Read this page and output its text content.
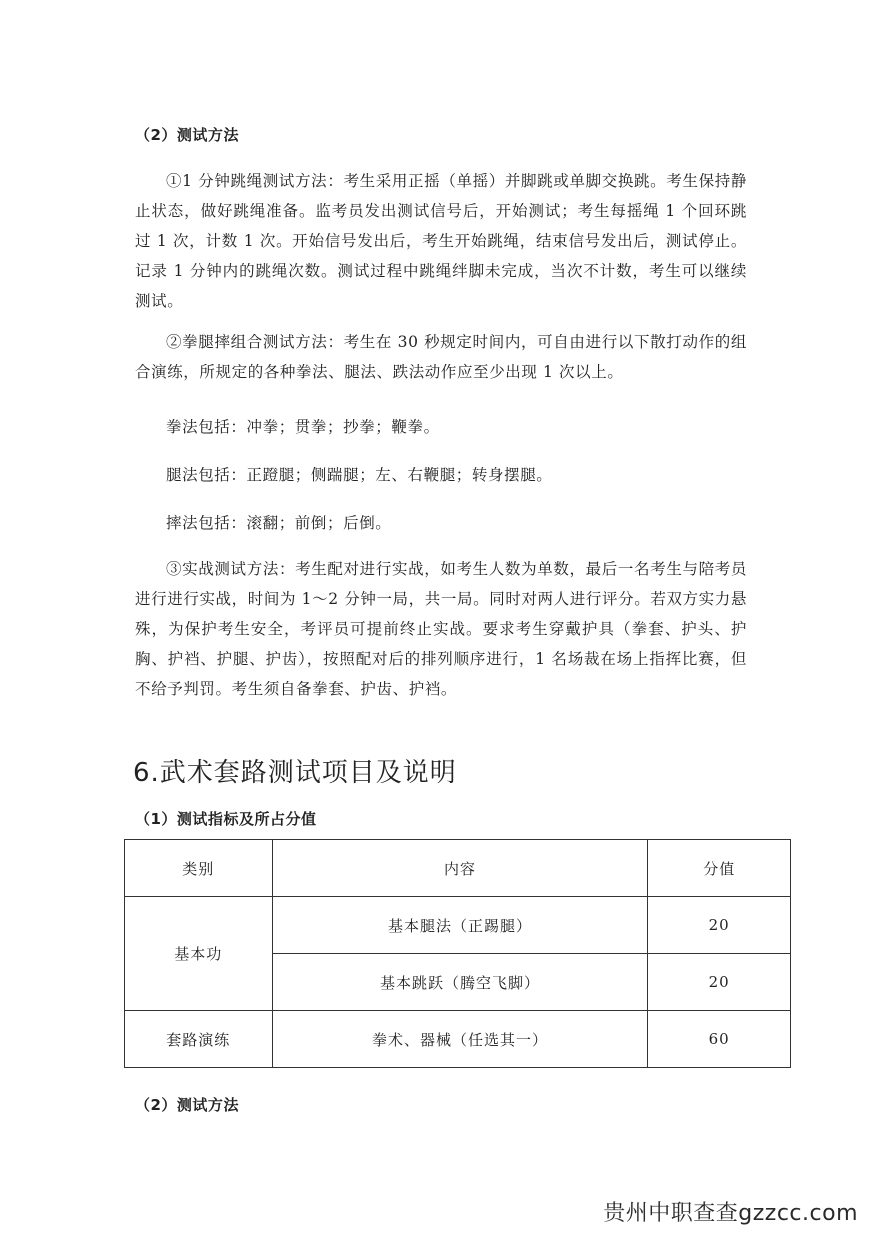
（2）测试方法
①1 分钟跳绳测试方法：考生采用正摇（单摇）并脚跳或单脚交换跳。考生保持静止状态，做好跳绳准备。监考员发出测试信号后，开始测试；考生每摇绳 1 个回环跳过 1 次，计数 1 次。开始信号发出后，考生开始跳绳，结束信号发出后，测试停止。记录 1 分钟内的跳绳次数。测试过程中跳绳绊脚未完成，当次不计数，考生可以继续测试。
②拳腿摔组合测试方法：考生在 30 秒规定时间内，可自由进行以下散打动作的组合演练，所规定的各种拳法、腿法、跌法动作应至少出现 1 次以上。
拳法包括：冲拳；贯拳；抄拳；鞭拳。
腿法包括：正蹬腿；侧踹腿；左、右鞭腿；转身摆腿。
摔法包括：滚翻；前倒；后倒。
③实战测试方法：考生配对进行实战，如考生人数为单数，最后一名考生与陪考员进行进行实战，时间为 1～2 分钟一局，共一局。同时对两人进行评分。若双方实力悬殊，为保护考生安全，考评员可提前终止实战。要求考生穿戴护具（拳套、护头、护胸、护裆、护腿、护齿），按照配对后的排列顺序进行，1 名场裁在场上指挥比赛，但不给予判罚。考生须自备拳套、护齿、护裆。
6.武术套路测试项目及说明
（1）测试指标及所占分值
类别	内容	分值
基本功	基本腿法（正踢腿）	20
	基本跳跃（腾空飞脚）	20
套路演练	拳术、器械（任选其一）	60
（2）测试方法
贵州中职查查gzzcc.com
